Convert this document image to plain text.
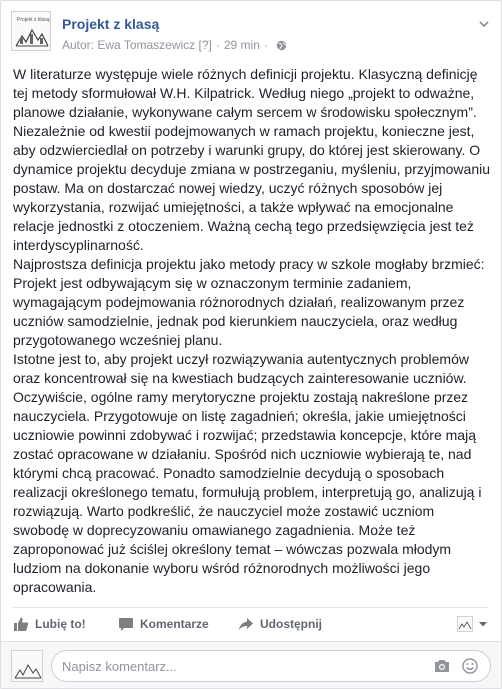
Projekt z klasą Projekt z klasą
Autor:
Ewa Tomaszewicz
[?] · 29 min ·
W literaturze występuje wiele różnych definicji projektu. Klasyczną definicję tej metody sformułował W.H. Kilpatrick. Według niego „projekt to odważne, planowe działanie, wykonywane całym sercem w środowisku społecznym”. Niezależnie od kwestii podejmowanych w ramach projektu, konieczne jest, aby odzwierciedlał on potrzeby i warunki grupy, do której jest skierowany. O dynamice projektu decyduje zmiana w postrzeganiu, myśleniu, przyjmowaniu postaw. Ma on dostarczać nowej wiedzy, uczyć różnych sposobów jej wykorzystania, rozwijać umiejętności, a także wpływać na emocjonalne relacje jednostki z otoczeniem. Ważną cechą tego przedsięwzięcia jest też interdyscyplinarność.
Najprostsza definicja projektu jako metody pracy w szkole mogłaby brzmieć: Projekt jest odbywającym się w oznaczonym terminie zadaniem, wymagającym podejmowania różnorodnych działań, realizowanym przez uczniów samodzielnie, jednak pod kierunkiem nauczyciela, oraz według przygotowanego wcześniej planu.
Istotne jest to, aby projekt uczył rozwiązywania autentycznych problemów oraz koncentrował się na kwestiach budzących zainteresowanie uczniów. Oczywiście, ogólne ramy merytoryczne projektu zostają nakreślone przez nauczyciela. Przygotowuje on listę zagadnień; określa, jakie umiejętności uczniowie powinni zdobywać i rozwijać; przedstawia koncepcje, które mają zostać opracowane w działaniu. Spośród nich uczniowie wybierają te, nad którymi chcą pracować. Ponadto samodzielnie decydują o sposobach realizacji określonego tematu, formułują problem, interpretują go, analizują i rozwiązują. Warto podkreślić, że nauczyciel może zostawić uczniom swobodę w doprecyzowaniu omawianego zagadnienia. Może też zaproponować już ściślej określony temat – wówczas pozwala młodym ludziom na dokonanie wyboru wśród różnorodnych możliwości jego opracowania.
Lubię to!	Komentarze	Udostępnij
Napisz komentarz...
